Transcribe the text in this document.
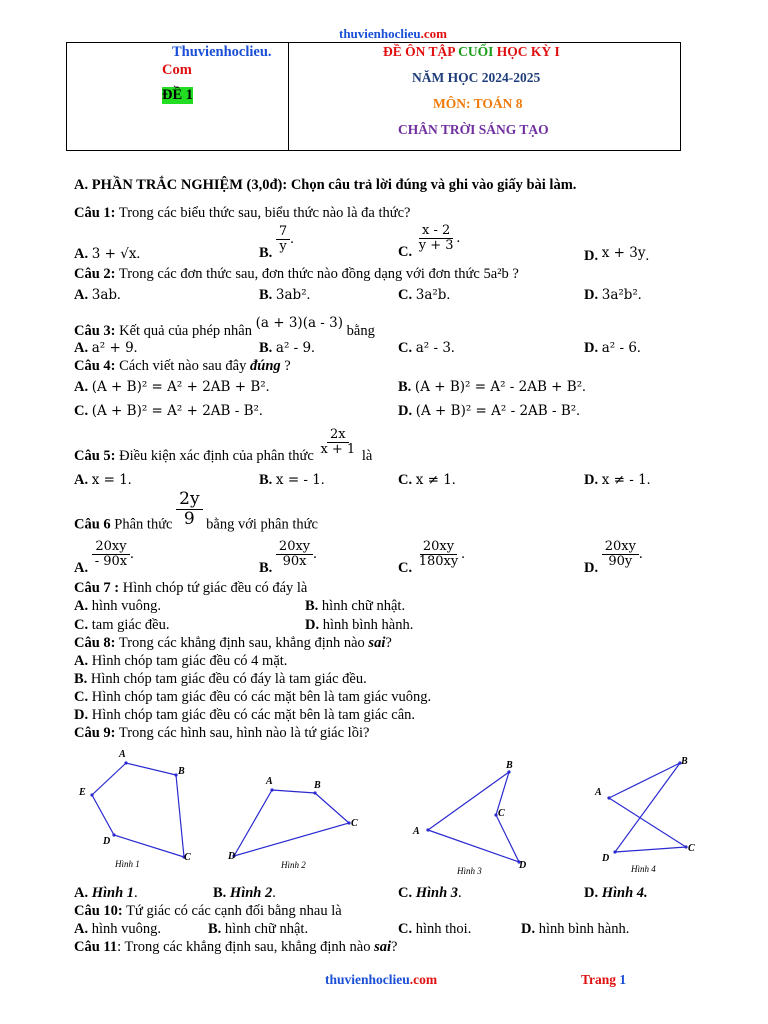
thuvienhoclieu.com
Thuvienhoclieu.
Com
ĐỀ 1
ĐỀ ÔN TẬP CUỐI HỌC KỲ I
NĂM HỌC 2024-2025
MÔN: TOÁN 8
CHÂN TRỜI SÁNG TẠO
A. PHẦN TRẮC NGHIỆM (3,0đ): Chọn câu trả lời đúng và ghi vào giấy bài làm.
Câu 1: Trong các biểu thức sau, biểu thức nào là đa thức?
A. 3 + √x.	B. $\frac{7}{y}$ .
C. $\frac{x - 2}{y + 3}$ .
D. x + 3y.
Câu 2: Trong các đơn thức sau, đơn thức nào đồng dạng với đơn thức 5a²b ?
A. 3ab.	B. 3ab².	C. 3a²b.	D. 3a²b².
Câu 3: Kết quả của phép nhân (a + 3)(a - 3) bằng
A. a² + 9.	B. a² - 9.	C. a² - 3.	D. a² - 6.
Câu 4: Cách viết nào sau đây đúng ?
A. (A + B)² = A² + 2AB + B².	B. (A + B)² = A² - 2AB + B².
C. (A + B)² = A² + 2AB - B².	D. (A + B)² = A² - 2AB - B².
Câu 5: Điều kiện xác định của phân thức $\frac{2x}{x + 1}$ là
A. x = 1.	B. x = - 1.	C. x ≠ 1.	D. x ≠ - 1.
Câu 6 Phân thức $\frac{2y}{9}$ bằng với phân thức
A. $\frac{20xy}{- 90x}$ .
B. $\frac{20xy}{90x}$ .
C. $\frac{20xy}{180xy}$ .
D. $\frac{20xy}{90y}$ .
Câu 7 : Hình chóp tứ giác đều có đáy là
A. hình vuông.	B. hình chữ nhật.
C. tam giác đều.	D. hình bình hành.
Câu 8: Trong các khẳng định sau, khẳng định nào sai?
A. Hình chóp tam giác đều có 4 mặt.
B. Hình chóp tam giác đều có đáy là tam giác đều.
C. Hình chóp tam giác đều có các mặt bên là tam giác vuông.
D. Hình chóp tam giác đều có các mặt bên là tam giác cân.
Câu 9: Trong các hình sau, hình nào là tứ giác lồi?
A
B
C
D
E
A	B
C
D
A
B
C
D
A
B
C
D
Hình 1	Hình 2
Hình 3	Hình 4
A. Hình 1.	B. Hình 2.	C. Hình 3.	D. Hình 4.
Câu 10: Tứ giác có các cạnh đối bằng nhau là
A. hình vuông.	B. hình chữ nhật.	C. hình thoi.	D. hình bình hành.
Câu 11: Trong các khẳng định sau, khẳng định nào sai?
thuvienhoclieu.com	Trang 1
